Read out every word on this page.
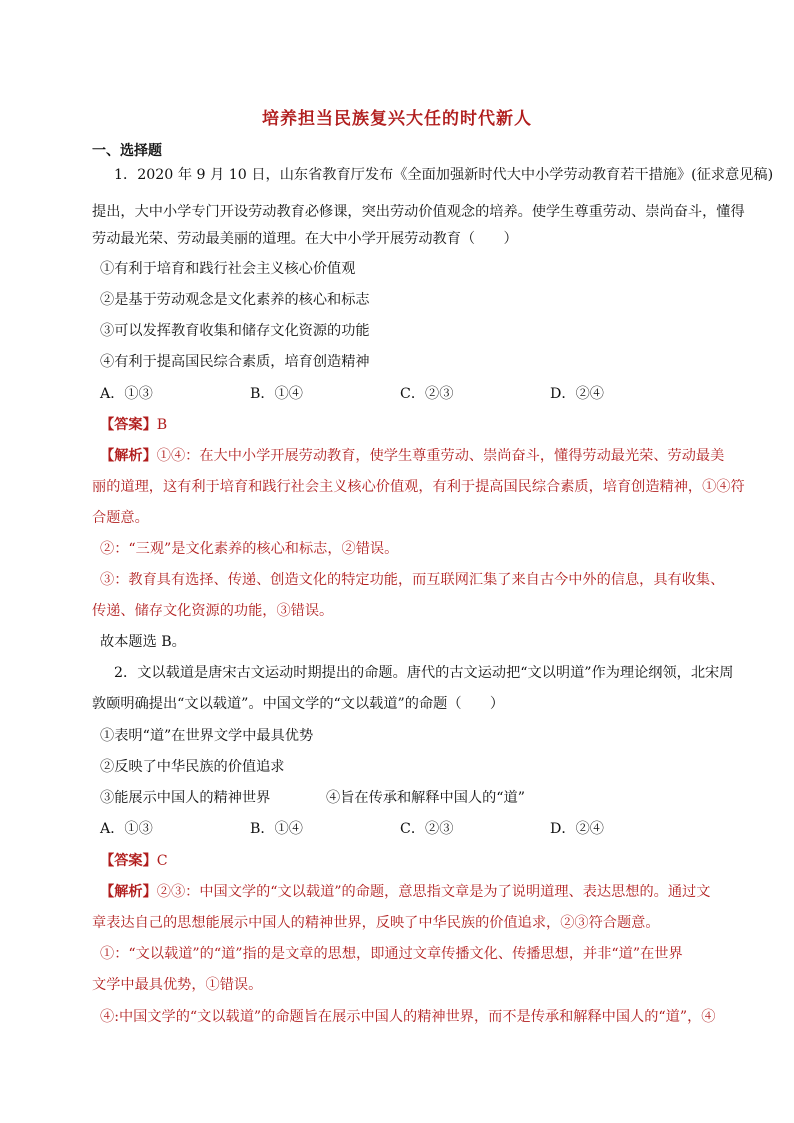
培养担当民族复兴大任的时代新人
一、选择题
1．2020 年 9 月 10 日，山东省教育厅发布《全面加强新时代大中小学劳动教育若干措施》(征求意见稿)
提出，大中小学专门开设劳动教育必修课，突出劳动价值观念的培养。使学生尊重劳动、崇尚奋斗，懂得
劳动最光荣、劳动最美丽的道理。在大中小学开展劳动教育（　　）
①有利于培育和践行社会主义核心价值观
②是基于劳动观念是文化素养的核心和标志
③可以发挥教育收集和储存文化资源的功能
④有利于提高国民综合素质，培育创造精神
A．①③	B．①④	C．②③	D．②④
【答案】B
【解析】①④：在大中小学开展劳动教育，使学生尊重劳动、崇尚奋斗，懂得劳动最光荣、劳动最美
丽的道理，这有利于培育和践行社会主义核心价值观，有利于提高国民综合素质，培育创造精神，①④符
合题意。
②：“三观”是文化素养的核心和标志，②错误。
③：教育具有选择、传递、创造文化的特定功能，而互联网汇集了来自古今中外的信息，具有收集、
传递、储存文化资源的功能，③错误。
故本题选 B。
2．文以载道是唐宋古文运动时期提出的命题。唐代的古文运动把“文以明道”作为理论纲领，北宋周
敦颐明确提出“文以载道”。中国文学的“文以载道”的命题（　　）
①表明“道”在世界文学中最具优势
②反映了中华民族的价值追求
③能展示中国人的精神世界	④旨在传承和解释中国人的“道”
A．①③	B．①④	C．②③	D．②④
【答案】C
【解析】②③：中国文学的“文以载道”的命题，意思指文章是为了说明道理、表达思想的。通过文
章表达自己的思想能展示中国人的精神世界，反映了中华民族的价值追求，②③符合题意。
①：“文以载道”的“道”指的是文章的思想，即通过文章传播文化、传播思想，并非“道”在世界
文学中最具优势，①错误。
④:中国文学的“文以载道”的命题旨在展示中国人的精神世界，而不是传承和解释中国人的“道”，④
